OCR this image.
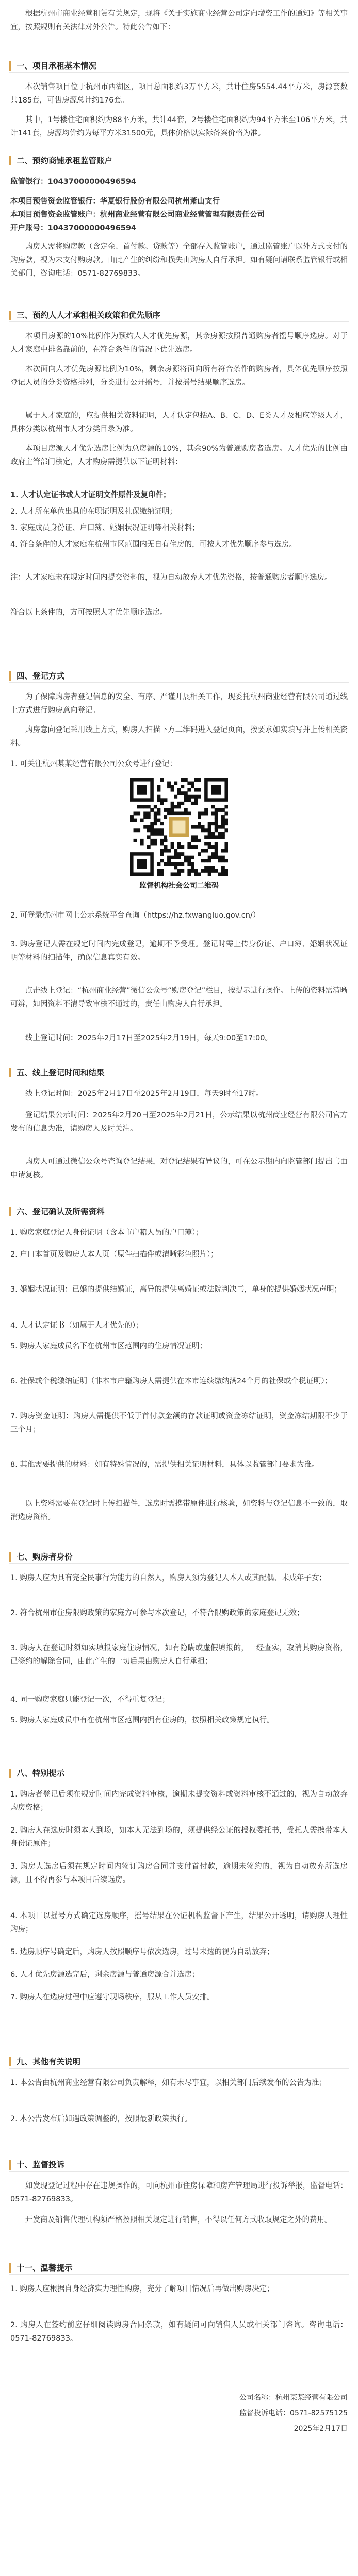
根据杭州市商业经营租赁有关规定，现将《关于实施商业经营公司定向增资工作的通知》等相关事宜，按照规则有关法律对外公告。特此公告如下：

一、项目承租基本情况

本次销售项目位于杭州市西湖区，项目总面积约3万平方米，共计住房5554.44平方米，房源套数共185套，可售房源总计约176套。

其中，1号楼住宅面积约为88平方米，共计44套，2号楼住宅面积约为94平方米至106平方米，共计141套，房源均价约为每平方米31500元，具体价格以实际备案价格为准。

二、预约商铺承租监管账户

监管银行：10437000000496594

本项目预售资金监管银行：华夏银行股份有限公司杭州萧山支行

本项目预售资金监管账户：杭州商业经营有限公司商业经营管理有限责任公司

开户账号：10437000000496594

购房人需将购房款（含定金、首付款、贷款等）全部存入监管账户，通过监管账户以外方式支付的购房款，视为未支付购房款。由此产生的纠纷和损失由购房人自行承担。如有疑问请联系监管银行或相关部门，咨询电话：0571-82769833。

三、预约人人才承租相关政策和优先顺序

本项目房源的10%比例作为预约人人才优先房源，其余房源按照普通购房者摇号顺序选房。对于人才家庭中排名靠前的，在符合条件的情况下优先选房。

本次面向人才优先房源比例为10%，剩余房源将面向所有符合条件的购房者，具体优先顺序按照登记人员的分类资格排列，分类进行公开摇号，并按摇号结果顺序选房。

属于人才家庭的，应提供相关资料证明，人才认定包括A、B、C、D、E类人才及相应等级人才，具体分类以杭州市人才分类目录为准。

本项目房源人才优先选房比例为总房源的10%，其余90%为普通购房者选房。人才优先的比例由政府主管部门核定，人才购房需提供以下证明材料：

1. 人才认定证书或人才证明文件原件及复印件；

2. 人才所在单位出具的在职证明及社保缴纳证明；

3. 家庭成员身份证、户口簿、婚姻状况证明等相关材料；

4. 符合条件的人才家庭在杭州市区范围内无自有住房的，可按人才优先顺序参与选房。

注：人才家庭未在规定时间内提交资料的，视为自动放弃人才优先资格，按普通购房者顺序选房。

符合以上条件的，方可按照人才优先顺序选房。

四、登记方式

为了保障购房者登记信息的安全、有序、严谨开展相关工作，现委托杭州商业经营有限公司通过线上方式进行购房意向登记。

购房意向登记采用线上方式，购房人扫描下方二维码进入登记页面，按要求如实填写并上传相关资料。

1. 可关注杭州某某经营有限公司公众号进行登记：

监督机构社会公司二维码

2. 可登录杭州市网上公示系统平台查询（https://hz.fxwangluo.gov.cn/）

3. 购房登记人需在规定时间内完成登记，逾期不予受理。登记时需上传身份证、户口簿、婚姻状况证明等材料的扫描件，确保信息真实有效。

点击线上登记：“杭州商业经营”微信公众号“购房登记”栏目，按提示进行操作。上传的资料需清晰可辨，如因资料不清导致审核不通过的，责任由购房人自行承担。

线上登记时间：2025年2月17日至2025年2月19日，每天9:00至17:00。

五、线上登记时间和结果

线上登记时间：2025年2月17日至2025年2月19日，每天9时至17时。

登记结果公示时间：2025年2月20日至2025年2月21日，公示结果以杭州商业经营有限公司官方发布的信息为准，请购房人及时关注。

购房人可通过微信公众号查询登记结果，对登记结果有异议的，可在公示期内向监管部门提出书面申请复核。

六、登记确认及所需资料

1. 购房家庭登记人身份证明（含本市户籍人员的户口簿）；

2. 户口本首页及购房人本人页（原件扫描件或清晰彩色照片）；

3. 婚姻状况证明：已婚的提供结婚证，离异的提供离婚证或法院判决书，单身的提供婚姻状况声明；

4. 人才认定证书（如属于人才优先的）；

5. 购房人家庭成员名下在杭州市区范围内的住房情况证明；

6. 社保或个税缴纳证明（非本市户籍购房人需提供在本市连续缴纳满24个月的社保或个税证明）；

7. 购房资金证明：购房人需提供不低于首付款金额的存款证明或资金冻结证明，资金冻结期限不少于三个月；

8. 其他需要提供的材料：如有特殊情况的，需提供相关证明材料，具体以监管部门要求为准。

以上资料需要在登记时上传扫描件，选房时需携带原件进行核验，如资料与登记信息不一致的，取消选房资格。

七、购房者身份

1. 购房人应为具有完全民事行为能力的自然人，购房人须为登记人本人或其配偶、未成年子女；

2. 符合杭州市住房限购政策的家庭方可参与本次登记，不符合限购政策的家庭登记无效；

3. 购房人在登记时须如实填报家庭住房情况，如有隐瞒或虚假填报的，一经查实，取消其购房资格，已签约的解除合同，由此产生的一切后果由购房人自行承担；

4. 同一购房家庭只能登记一次，不得重复登记；

5. 购房人家庭成员中有在杭州市区范围内拥有住房的，按照相关政策规定执行。

八、特别提示

1. 购房者登记后须在规定时间内完成资料审核，逾期未提交资料或资料审核不通过的，视为自动放弃购房资格；

2. 购房人在选房时须本人到场，如本人无法到场的，须提供经公证的授权委托书，受托人需携带本人身份证原件；

3. 购房人选房后须在规定时间内签订购房合同并支付首付款，逾期未签约的，视为自动放弃所选房源，且不得再参与本项目后续选房。

4. 本项目以摇号方式确定选房顺序，摇号结果在公证机构监督下产生，结果公开透明，请购房人理性购房；

5. 选房顺序号确定后，购房人按照顺序号依次选房，过号未选的视为自动放弃；

6. 人才优先房源选完后，剩余房源与普通房源合并选房；

7. 购房人在选房过程中应遵守现场秩序，服从工作人员安排。

九、其他有关说明

1. 本公告由杭州商业经营有限公司负责解释，如有未尽事宜，以相关部门后续发布的公告为准；

2. 本公告发布后如遇政策调整的，按照最新政策执行。

十、监督投诉

如发现登记过程中存在违规操作的，可向杭州市住房保障和房产管理局进行投诉举报，监督电话：0571-82769833。

开发商及销售代理机构须严格按照相关规定进行销售，不得以任何方式收取规定之外的费用。

十一、温馨提示

1. 购房人应根据自身经济实力理性购房，充分了解项目情况后再做出购房决定；

2. 购房人在签约前应仔细阅读购房合同条款，如有疑问可向销售人员或相关部门咨询。咨询电话：0571-82769833。

公司名称：杭州某某经营有限公司

监督投诉电话：0571-82575125

2025年2月17日
